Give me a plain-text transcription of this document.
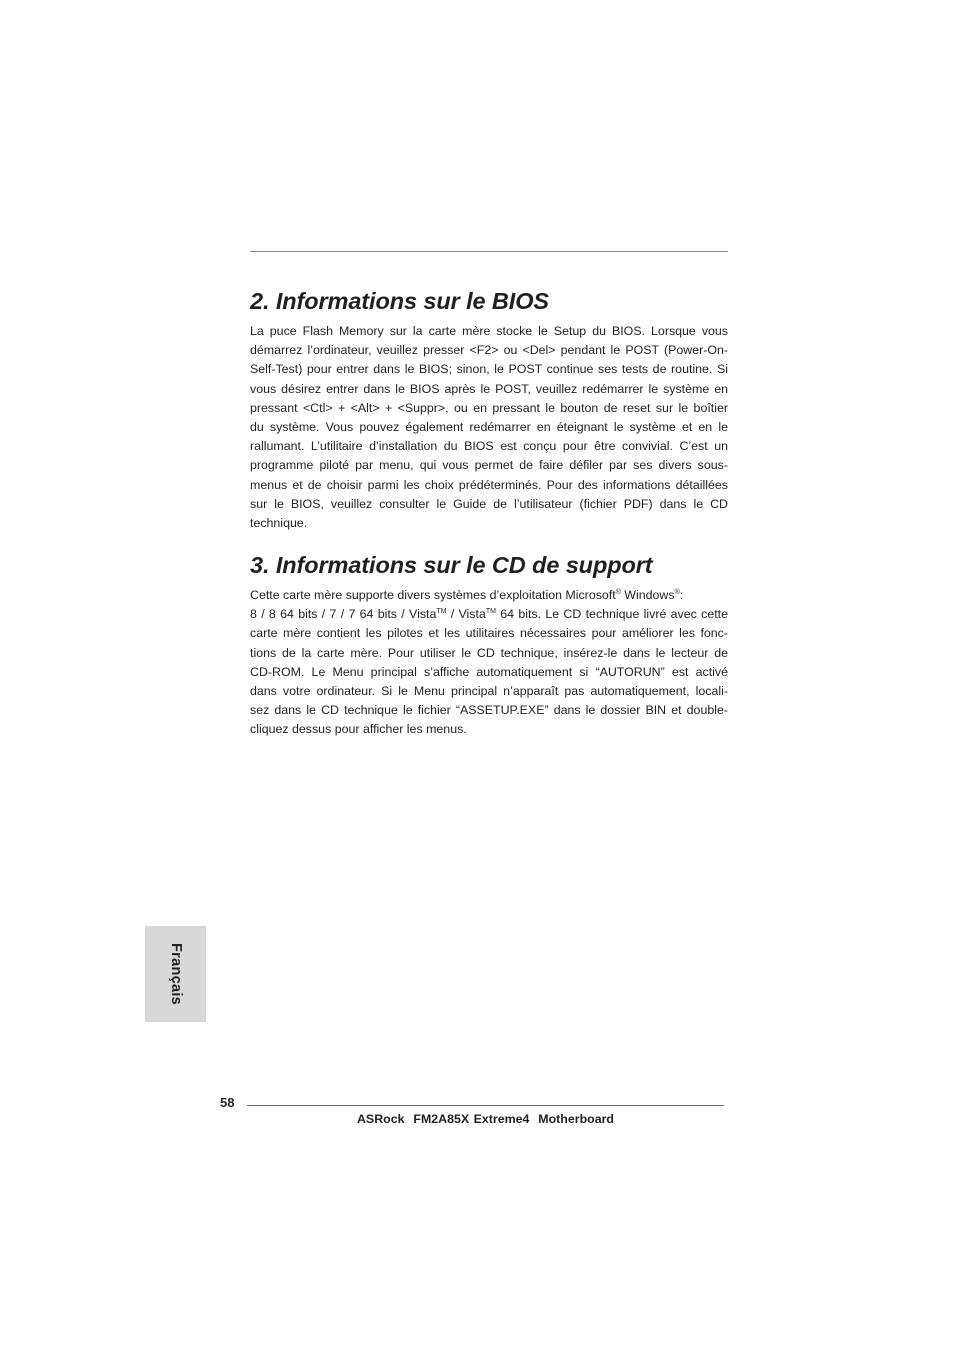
2. Informations sur le BIOS

La puce Flash Memory sur la carte mère stocke le Setup du BIOS. Lorsque vous
démarrez l’ordinateur, veuillez presser <F2> ou <Del> pendant le POST (Power-On-
Self-Test) pour entrer dans le BIOS; sinon, le POST continue ses tests de routine. Si
vous désirez entrer dans le BIOS après le POST, veuillez redémarrer le système en
pressant <Ctl> + <Alt> + <Suppr>, ou en pressant le bouton de reset sur le boîtier
du système. Vous pouvez également redémarrer en éteignant le système et en le
rallumant. L’utilitaire d’installation du BIOS est conçu pour être convivial. C’est un
programme piloté par menu, qui vous permet de faire défiler par ses divers sous-
menus et de choisir parmi les choix prédéterminés. Pour des informations détaillées
sur le BIOS, veuillez consulter le Guide de l’utilisateur (fichier PDF) dans le CD
technique.

3. Informations sur le CD de support

Cette carte mère supporte divers systèmes d’exploitation Microsoft® Windows®:
8 / 8 64 bits / 7 / 7 64 bits / Vista™ / Vista™ 64 bits. Le CD technique livré avec cette
carte mère contient les pilotes et les utilitaires nécessaires pour améliorer les fonc-
tions de la carte mère. Pour utiliser le CD technique, insérez-le dans le lecteur de
CD-ROM. Le Menu principal s’affiche automatiquement si “AUTORUN” est activé
dans votre ordinateur. Si le Menu principal n’apparaît pas automatiquement, locali-
sez dans le CD technique le fichier “ASSETUP.EXE” dans le dossier BIN et double-
cliquez dessus pour afficher les menus.

Français
58
ASRock  FM2A85X Extreme4  Motherboard
